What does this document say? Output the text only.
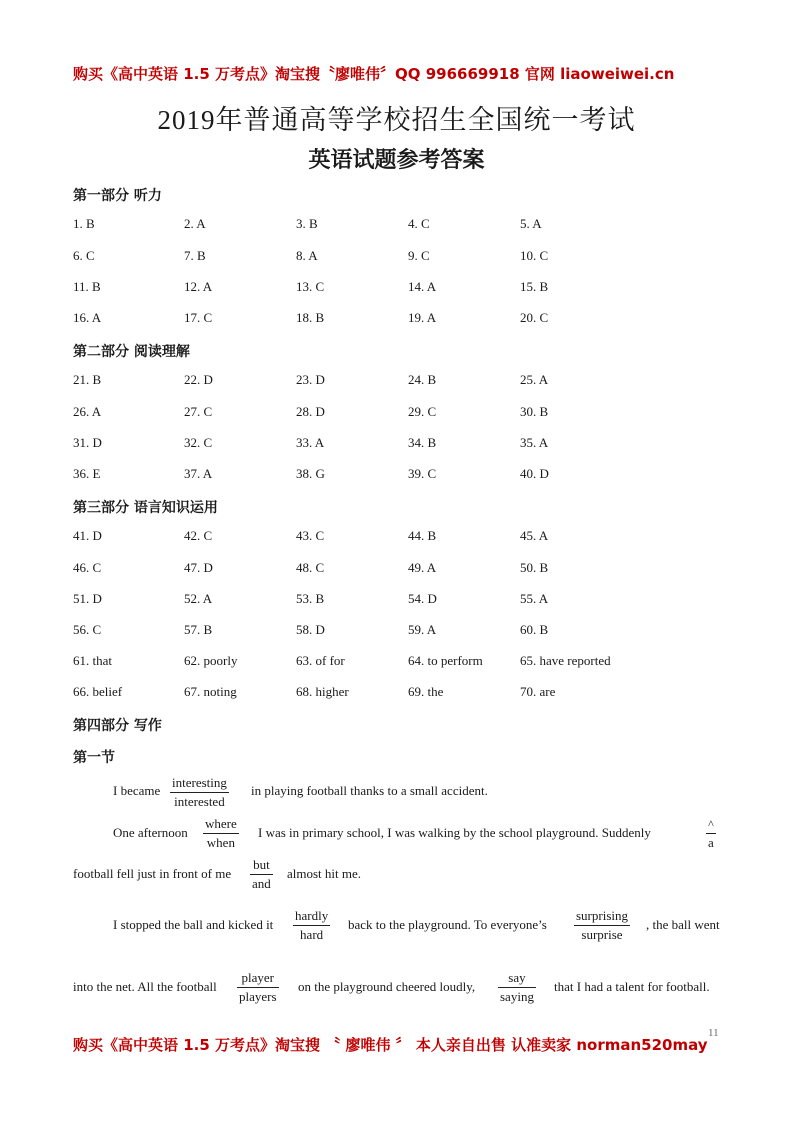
购买《高中英语 1.5 万考点》淘宝搜〝廖唯伟〞QQ 996669918 官网 liaoweiwei.cn
2019年普通高等学校招生全国统一考试
英语试题参考答案
第一部分 听力
第二部分 阅读理解
第三部分 语言知识运用
第四部分 写作
第一节
1. B	2. A	3. B	4. C	5. A
6. C	7. B	8. A	9. C	10. C
11. B	12. A	13. C	14. A	15. B
16. A	17. C	18. B	19. A	20. C
21. B	22. D	23. D	24. B	25. A
26. A	27. C	28. D	29. C	30. B
31. D	32. C	33. A	34. B	35. A
36. E	37. A	38. G	39. C	40. D
41. D	42. C	43. C	44. B	45. A
46. C	47. D	48. C	49. A	50. B
51. D	52. A	53. B	54. D	55. A
56. C	57. B	58. D	59. A	60. B
61. that	62. poorly	63. of for	64. to perform	65. have reported
66. belief	67. noting	68. higher	69. the	70. are
I became
interesting
interested
in playing football thanks to a small accident.
One afternoon
where
when
I was in primary school, I was walking by the school playground. Suddenly
^
a
football fell just in front of me
but
and
almost hit me.
I stopped the ball and kicked it
hardly
hard
back to the playground. To everyone’s
surprising
surprise
, the ball went
into the net. All the football
player
players
on the playground cheered loudly,
say
saying
that I had a talent for football.
11
购买《高中英语 1.5 万考点》淘宝搜 〝 廖唯伟 〞 本人亲自出售 认准卖家 norman520may
